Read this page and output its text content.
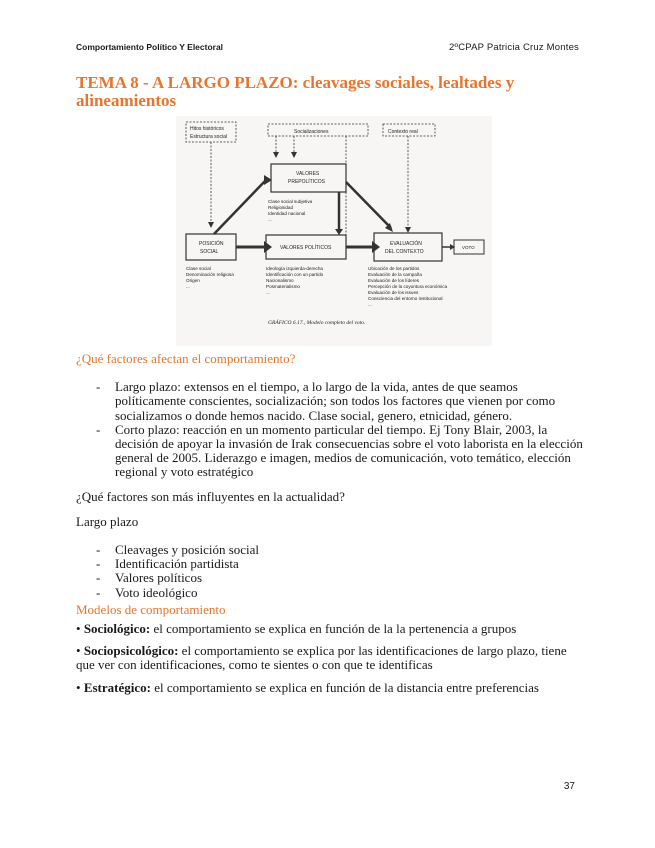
Comportamiento Político Y Electoral	2ºCPAP Patricia Cruz Montes
TEMA 8 - A LARGO PLAZO: cleavages sociales, lealtades y alineamientos
Hitos históricos
Estructura social
Socializaciones	Contexto real
VALORES
PREPOLÍTICOS
POSICIÓN
SOCIAL
VALORES POLÍTICOS
EVALUACIÓN
DEL CONTEXTO
VOTO
Clase social subjetiva
Religiosidad
Identidad nacional
...
Clase social
Denominación religiosa
Origen
...
Ideología izquierda-derecha
Identificación con un partido
Nacionalismo
Posmaterialismo
...
Ubicación de los partidos
Evaluación de la campaña
Evaluación de los líderes
Percepción de la coyuntura económica
Evaluación de los issues
Consciencia del entorno institucional
...
GRÁFICO 6.17., Modelo completo del voto.

¿Qué factores afectan el comportamiento?

- Largo plazo: extensos en el tiempo, a lo largo de la vida, antes de que seamos políticamente conscientes, socialización; son todos los factores que vienen por como socializamos o donde hemos nacido. Clase social, genero, etnicidad, género.
- Corto plazo: reacción en un momento particular del tiempo. Ej Tony Blair, 2003, la decisión de apoyar la invasión de Irak consecuencias sobre el voto laborista en la elección general de 2005. Liderazgo e imagen, medios de comunicación, voto temático, elección regional y voto estratégico

¿Qué factores son más influyentes en la actualidad?

Largo plazo

- Cleavages y posición social
- Identificación partidista
- Valores políticos
- Voto ideológico

Modelos de comportamiento

• Sociológico: el comportamiento se explica en función de la la pertenencia a grupos

• Sociopsicológico: el comportamiento se explica por las identificaciones de largo plazo, tiene que ver con identificaciones, como te sientes o con que te identificas

• Estratégico: el comportamiento se explica en función de la distancia entre preferencias

37
